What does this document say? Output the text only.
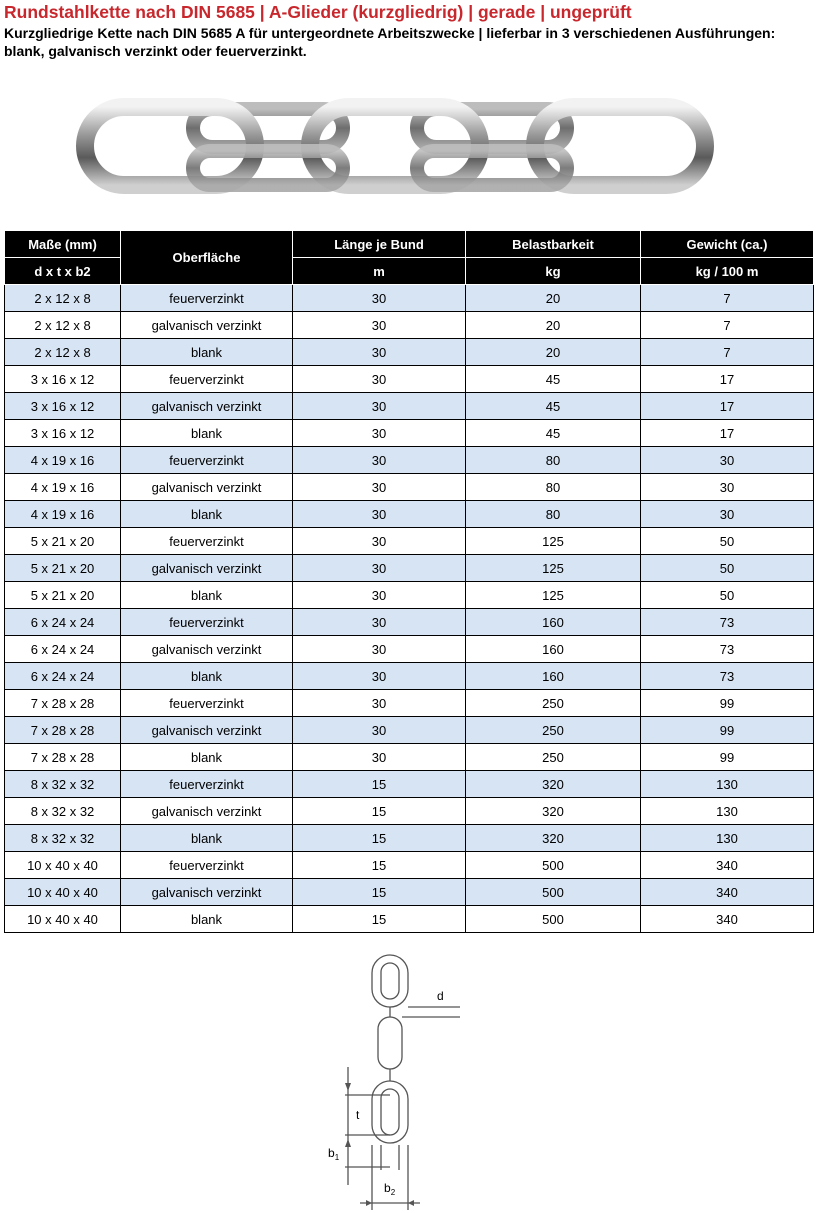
Rundstahlkette nach DIN 5685 | A-Glieder (kurzgliedrig) | gerade | ungeprüft
Kurzgliedrige Kette nach DIN 5685 A für untergeordnete Arbeitszwecke | lieferbar in 3 verschiedenen Ausführungen: blank, galvanisch verzinkt oder feuerverzinkt.
Maße (mm)	Oberfläche	Länge je Bund	Belastbarkeit	Gewicht (ca.)
d x t x b2		m	kg	kg / 100 m
2 x 12 x 8	feuerverzinkt	30	20	7
2 x 12 x 8	galvanisch verzinkt	30	20	7
2 x 12 x 8	blank	30	20	7
3 x 16 x 12	feuerverzinkt	30	45	17
3 x 16 x 12	galvanisch verzinkt	30	45	17
3 x 16 x 12	blank	30	45	17
4 x 19 x 16	feuerverzinkt	30	80	30
4 x 19 x 16	galvanisch verzinkt	30	80	30
4 x 19 x 16	blank	30	80	30
5 x 21 x 20	feuerverzinkt	30	125	50
5 x 21 x 20	galvanisch verzinkt	30	125	50
5 x 21 x 20	blank	30	125	50
6 x 24 x 24	feuerverzinkt	30	160	73
6 x 24 x 24	galvanisch verzinkt	30	160	73
6 x 24 x 24	blank	30	160	73
7 x 28 x 28	feuerverzinkt	30	250	99
7 x 28 x 28	galvanisch verzinkt	30	250	99
7 x 28 x 28	blank	30	250	99
8 x 32 x 32	feuerverzinkt	15	320	130
8 x 32 x 32	galvanisch verzinkt	15	320	130
8 x 32 x 32	blank	15	320	130
10 x 40 x 40	feuerverzinkt	15	500	340
10 x 40 x 40	galvanisch verzinkt	15	500	340
10 x 40 x 40	blank	15	500	340
d
t
$b_1$
$b_2$
